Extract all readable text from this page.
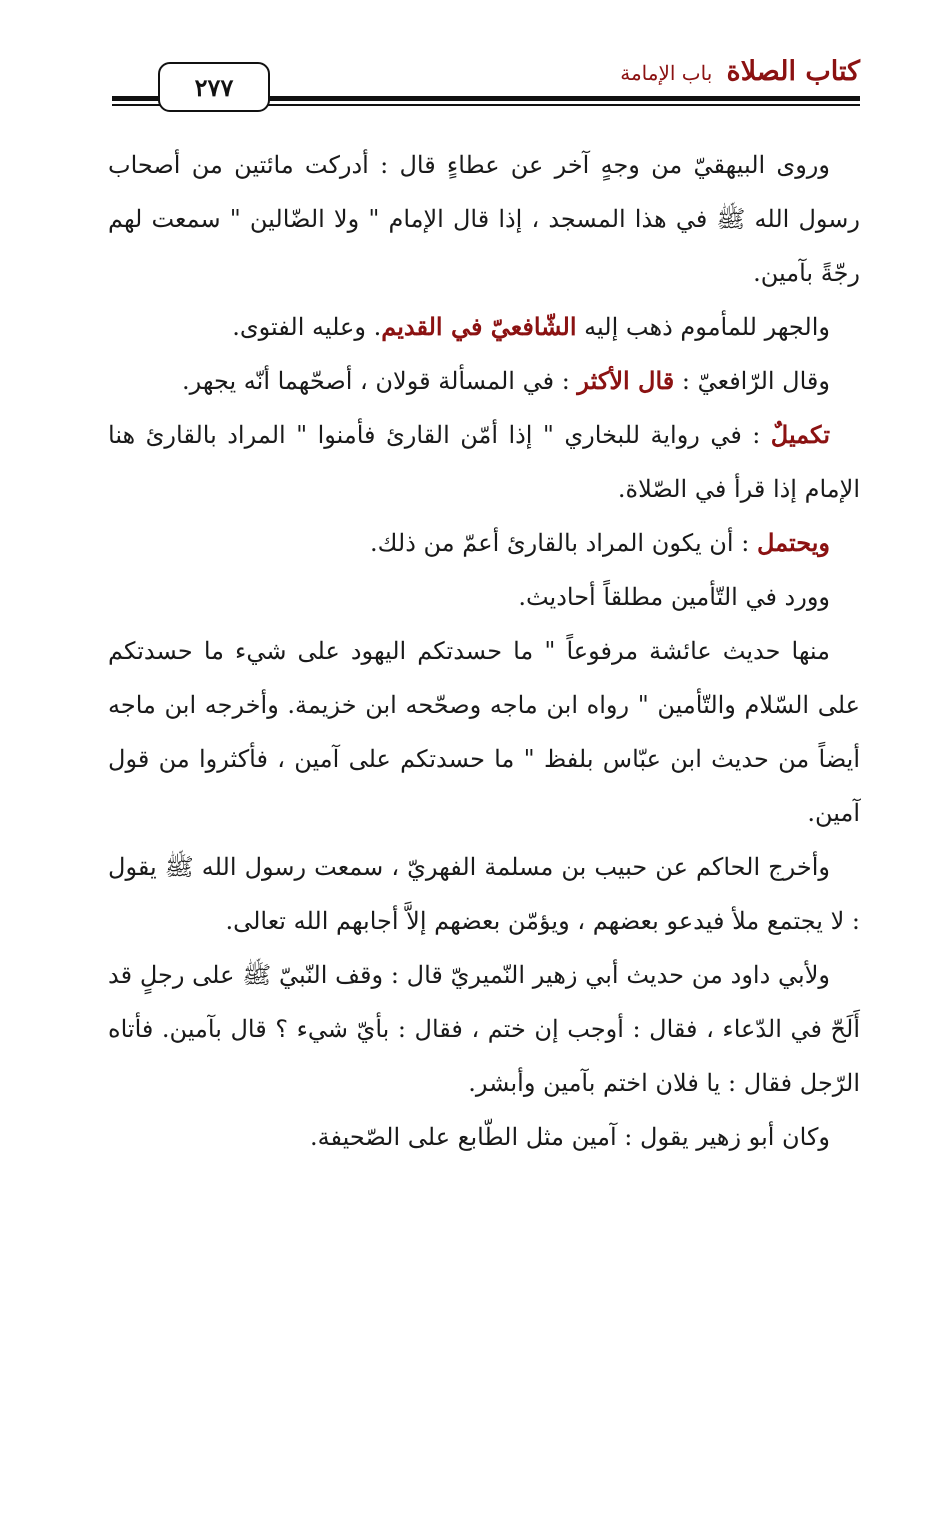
كتاب الصلاة باب الإمامة
٢٧٧

وروى البيهقيّ من وجهٍ آخر عن عطاءٍ قال : أدركت مائتين من أصحاب رسول الله ﷺ في هذا المسجد ، إذا قال الإمام " ولا الضّالين " سمعت لهم رجّةً بآمين.

والجهر للمأموم ذهب إليه الشّافعيّ في القديم. وعليه الفتوى.

وقال الرّافعيّ : قال الأكثر : في المسألة قولان ، أصحّهما أنّه يجهر.

تكميلٌ : في رواية للبخاري " إذا أمّن القارئ فأمنوا " المراد بالقارئ هنا الإمام إذا قرأ في الصّلاة.

ويحتمل : أن يكون المراد بالقارئ أعمّ من ذلك.

وورد في التّأمين مطلقاً أحاديث.

منها حديث عائشة مرفوعاً " ما حسدتكم اليهود على شيء ما حسدتكم على السّلام والتّأمين " رواه ابن ماجه وصحّحه ابن خزيمة. وأخرجه ابن ماجه أيضاً من حديث ابن عبّاس بلفظ " ما حسدتكم على آمين ، فأكثروا من قول آمين.

وأخرج الحاكم عن حبيب بن مسلمة الفهريّ ، سمعت رسول الله ﷺ يقول : لا يجتمع ملأ فيدعو بعضهم ، ويؤمّن بعضهم إلاَّ أجابهم الله تعالى.

ولأبي داود من حديث أبي زهير النّميريّ قال : وقف النّبيّ ﷺ على رجلٍ قد أَلَحّ في الدّعاء ، فقال : أوجب إن ختم ، فقال : بأيّ شيء ؟ قال بآمين. فأتاه الرّجل فقال : يا فلان اختم بآمين وأبشر.

وكان أبو زهير يقول : آمين مثل الطّابع على الصّحيفة.
